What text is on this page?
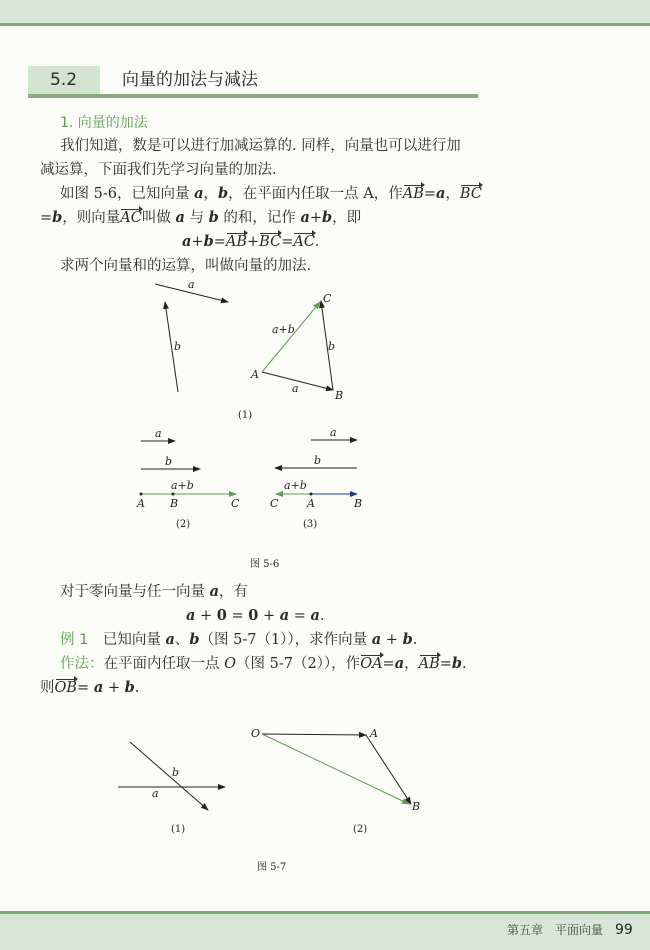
5.2	向量的加法与减法
1. 向量的加法
我们知道，数是可以进行加减运算的. 同样，向量也可以进行加
减运算，下面我们先学习向量的加法.
如图 5-6，已知向量 a，b，在平面内任取一点 A，作AB=a，BC
=b，则向量AC叫做 a 与 b 的和，记作 a+b，即
a+b=AB+BC=AC.
求两个向量和的运算，叫做向量的加法.
对于零向量与任一向量 a，有
a + 0 = 0 + a = a.
例 1　已知向量 a、b（图 5-7（1）），求作向量 a + b.
作法：在平面内任取一点 O（图 5-7（2）），作OA=a，AB=b.
则OB= a + b.
a
b
A
B
C
a+b
b
a
(1)
a
b
a+b
A B	C
(2)
a
b
a+b
C	A	B
(3)
图 5-6
a
b
(1)
O	A
B
(2)
图 5-7
第五章　平面向量 99
